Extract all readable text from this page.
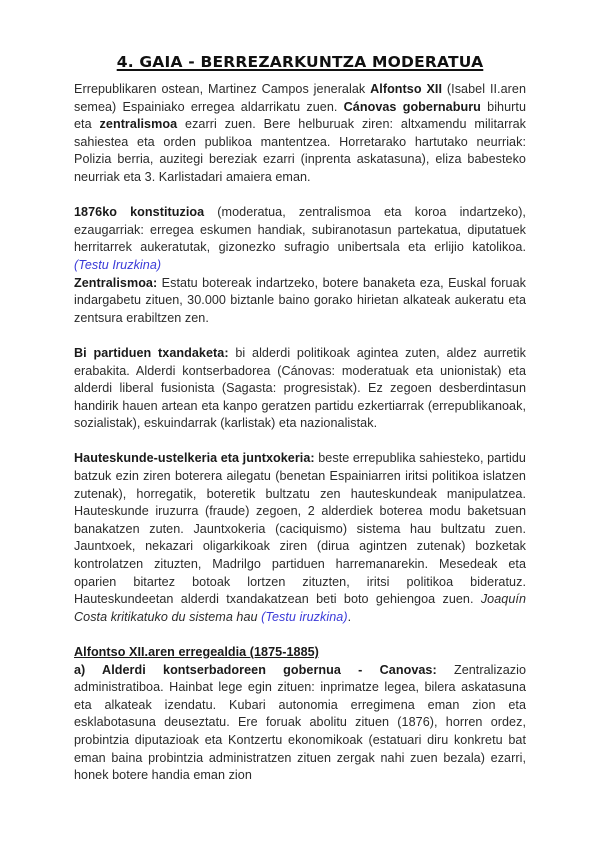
4. GAIA - BERREZARKUNTZA MODERATUA

Errepublikaren ostean, Martinez Campos jeneralak Alfontso XII (Isabel II.aren semea) Espainiako erregea aldarrikatu zuen. Cánovas gobernaburu bihurtu eta zentralismoa ezarri zuen. Bere helburuak ziren: altxamendu militarrak sahiestea eta orden publikoa mantentzea. Horretarako hartutako neurriak: Polizia berria, auzitegi bereziak ezarri (inprenta askatasuna), eliza babesteko neurriak eta 3. Karlistadari amaiera eman.

1876ko konstituzioa (moderatua, zentralismoa eta koroa indartzeko), ezaugarriak: erregea eskumen handiak, subiranotasun partekatua, diputatuek herritarrek aukeratutak, gizonezko sufragio unibertsala eta erlijio katolikoa. (Testu Iruzkina)

Zentralismoa: Estatu botereak indartzeko, botere banaketa eza, Euskal foruak indargabetu zituen, 30.000 biztanle baino gorako hirietan alkateak aukeratu eta zentsura erabiltzen zen.

Bi partiduen txandaketa: bi alderdi politikoak agintea zuten, aldez aurretik erabakita. Alderdi kontserbadorea (Cánovas: moderatuak eta unionistak) eta alderdi liberal fusionista (Sagasta: progresistak). Ez zegoen desberdintasun handirik hauen artean eta kanpo geratzen partidu ezkertiarrak (errepublikanoak, sozialistak), eskuindarrak (karlistak) eta nazionalistak.

Hauteskunde-ustelkeria eta juntxokeria: beste errepublika sahiesteko, partidu batzuk ezin ziren boterera ailegatu (benetan Espainiarren iritsi politikoa islatzen zutenak), horregatik, boteretik bultzatu zen hauteskundeak manipulatzea. Hauteskunde iruzurra (fraude) zegoen, 2 alderdiek boterea modu baketsuan banakatzen zuten. Jauntxokeria (caciquismo) sistema hau bultzatu zuen. Jauntxoek, nekazari oligarkikoak ziren (dirua agintzen zutenak) bozketak kontrolatzen zituzten, Madrilgo partiduen harremanarekin. Mesedeak eta oparien bitartez botoak lortzen zituzten, iritsi politikoa bideratuz. Hauteskundeetan alderdi txandakatzean beti boto gehiengoa zuen. Joaquín Costa kritikatuko du sistema hau (Testu iruzkina).

Alfontso XII.aren erregealdia (1875-1885)

a) Alderdi kontserbadoreen gobernua - Canovas: Zentralizazio administratiboa. Hainbat lege egin zituen: inprimatze legea, bilera askatasuna eta alkateak izendatu. Kubari autonomia erregimena eman zion eta esklabotasuna deuseztatu. Ere foruak abolitu zituen (1876), horren ordez, probintzia diputazioak eta Kontzertu ekonomikoak (estatuari diru konkretu bat eman baina probintzia administratzen zituen zergak nahi zuen bezala) ezarri, honek botere handia eman zion
